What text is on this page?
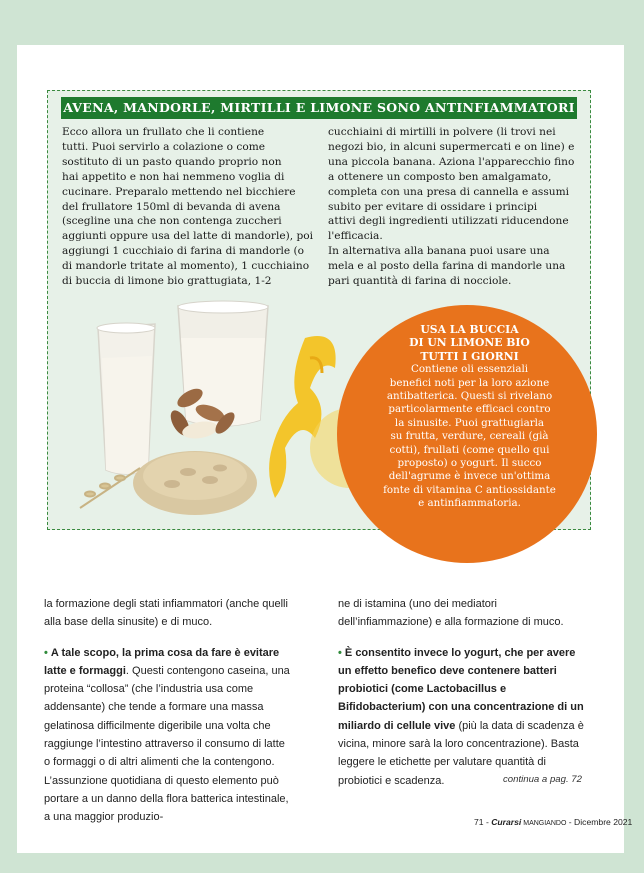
AVENA, MANDORLE, MIRTILLI E LIMONE SONO ANTINFIAMMATORI

Ecco allora un frullato che li contiene

tutti. Puoi servirlo a colazione o come

sostituto di un pasto quando proprio non

hai appetito e non hai nemmeno voglia di

cucinare. Preparalo mettendo nel bicchiere

del frullatore 150ml di bevanda di avena

(scegline una che non contenga zuccheri

aggiunti oppure usa del latte di mandorle), poi

aggiungi 1 cucchiaio di farina di mandorle (o

di mandorle tritate al momento), 1 cucchiaino

di buccia di limone bio grattugiata, 1-2

cucchiaini di mirtilli in polvere (li trovi nei

negozi bio, in alcuni supermercati e on line) e

una piccola banana. Aziona l'apparecchio fino

a ottenere un composto ben amalgamato,

completa con una presa di cannella e assumi

subito per evitare di ossidare i principi

attivi degli ingredienti utilizzati riducendone

l'efficacia.

In alternativa alla banana puoi usare una

mela e al posto della farina di mandorle una

pari quantità di farina di nocciole.

USA LA BUCCIA

DI UN LIMONE BIO

TUTTI I GIORNI

Contiene oli essenziali

benefici noti per la loro azione

antibatterica. Questi si rivelano

particolarmente efficaci contro

la sinusite. Puoi grattugiarla

su frutta, verdure, cereali (già

cotti), frullati (come quello qui

proposto) o yogurt. Il succo

dell'agrume è invece un'ottima

fonte di vitamina C antiossidante

e antinfiammatoria.

la formazione degli stati infiammatori (anche quelli alla base della sinusite) e di muco.

• A tale scopo, la prima cosa da fare è evitare latte e formaggi. Questi contengono caseina, una proteina “collosa” (che l’industria usa come addensante) che tende a formare una massa gelatinosa difficilmente digeribile una volta che raggiunge l’intestino attraverso il consumo di latte o formaggi o di altri alimenti che la contengono. L’assunzione quotidiana di questo elemento può portare a un danno della flora batterica intestinale, a una maggior produzio-

ne di istamina (uno dei mediatori dell’infiammazione) e alla formazione di muco.

• È consentito invece lo yogurt, che per avere un effetto benefico deve contenere batteri probiotici (come Lactobacillus e Bifidobacterium) con una concentrazione di un miliardo di cellule vive (più la data di scadenza è vicina, minore sarà la loro concentrazione). Basta leggere le etichette per valutare quantità di probiotici e scadenza.	continua a pag. 72
71 - Curarsi MANGIANDO - Dicembre 2021
